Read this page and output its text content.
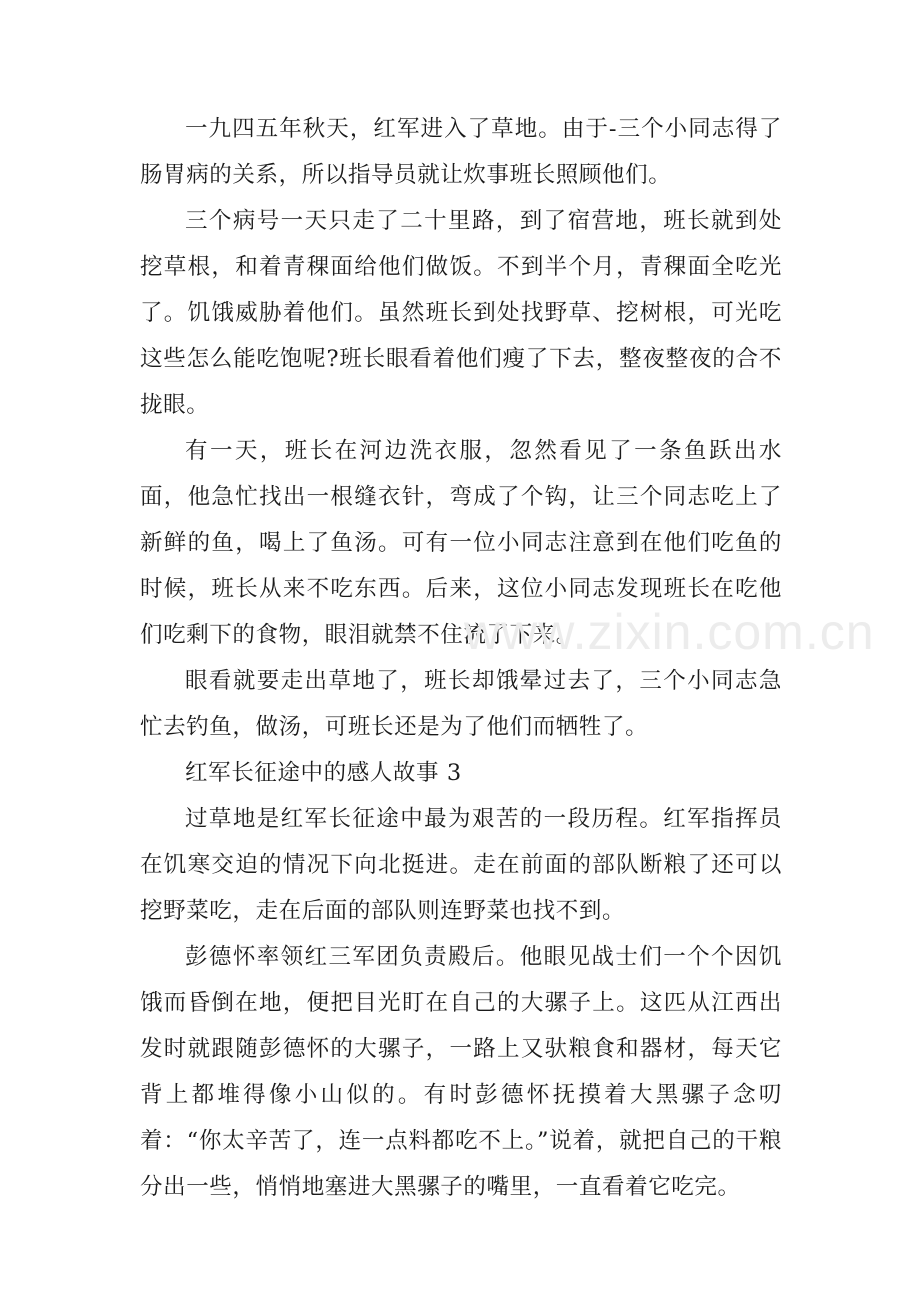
一九四五年秋天，红军进入了草地。由于-三个小同志得了肠胃病的关系，所以指导员就让炊事班长照顾他们。

三个病号一天只走了二十里路，到了宿营地，班长就到处挖草根，和着青稞面给他们做饭。不到半个月，青稞面全吃光了。饥饿威胁着他们。虽然班长到处找野草、挖树根，可光吃这些怎么能吃饱呢?班长眼看着他们瘦了下去，整夜整夜的合不拢眼。

有一天，班长在河边洗衣服，忽然看见了一条鱼跃出水面，他急忙找出一根缝衣针，弯成了个钩，让三个同志吃上了新鲜的鱼，喝上了鱼汤。可有一位小同志注意到在他们吃鱼的时候，班长从来不吃东西。后来，这位小同志发现班长在吃他们吃剩下的食物，眼泪就禁不住流了下来。

眼看就要走出草地了，班长却饿晕过去了，三个小同志急忙去钓鱼，做汤，可班长还是为了他们而牺牲了。

红军长征途中的感人故事 3

过草地是红军长征途中最为艰苦的一段历程。红军指挥员在饥寒交迫的情况下向北挺进。走在前面的部队断粮了还可以挖野菜吃，走在后面的部队则连野菜也找不到。

彭德怀率领红三军团负责殿后。他眼见战士们一个个因饥饿而昏倒在地，便把目光盯在自己的大骡子上。这匹从江西出发时就跟随彭德怀的大骡子，一路上又驮粮食和器材，每天它背上都堆得像小山似的。有时彭德怀抚摸着大黑骡子念叨着：“你太辛苦了，连一点料都吃不上。”说着，就把自己的干粮分出一些，悄悄地塞进大黑骡子的嘴里，一直看着它吃完。

www.zixin.com.cn
